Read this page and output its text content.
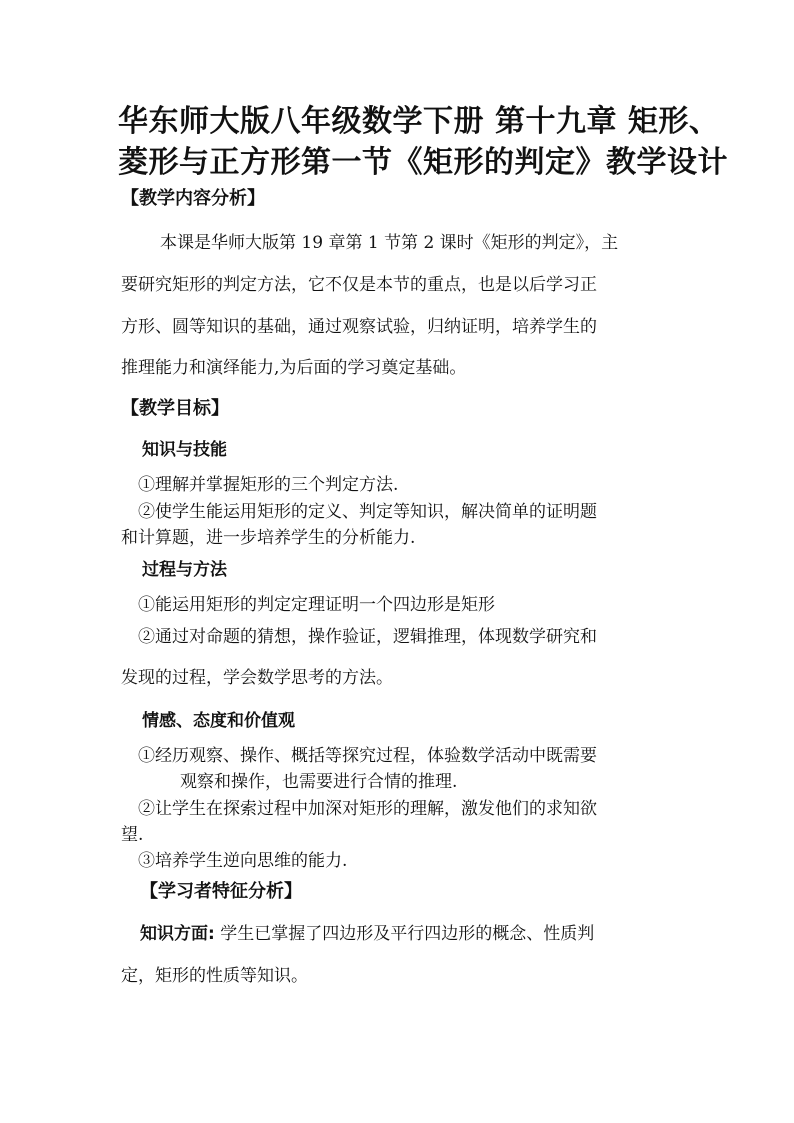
华东师大版八年级数学下册 第十九章 矩形、
菱形与正方形第一节《矩形的判定》教学设计
【教学内容分析】
本课是华师大版第 19 章第 1 节第 2 课时《矩形的判定》，主
要研究矩形的判定方法，它不仅是本节的重点，也是以后学习正
方形、圆等知识的基础，通过观察试验，归纳证明，培养学生的
推理能力和演绎能力,为后面的学习奠定基础。
【教学目标】
知识与技能
①理解并掌握矩形的三个判定方法.
②使学生能运用矩形的定义、判定等知识，解决简单的证明题
和计算题，进一步培养学生的分析能力.
过程与方法
①能运用矩形的判定定理证明一个四边形是矩形
②通过对命题的猜想，操作验证，逻辑推理，体现数学研究和
发现的过程，学会数学思考的方法。
情感、态度和价值观
①经历观察、操作、概括等探究过程，体验数学活动中既需要
观察和操作，也需要进行合情的推理.
②让学生在探索过程中加深对矩形的理解，激发他们的求知欲
望.
③培养学生逆向思维的能力.
【学习者特征分析】
知识方面: 学生已掌握了四边形及平行四边形的概念、性质判
定，矩形的性质等知识。
